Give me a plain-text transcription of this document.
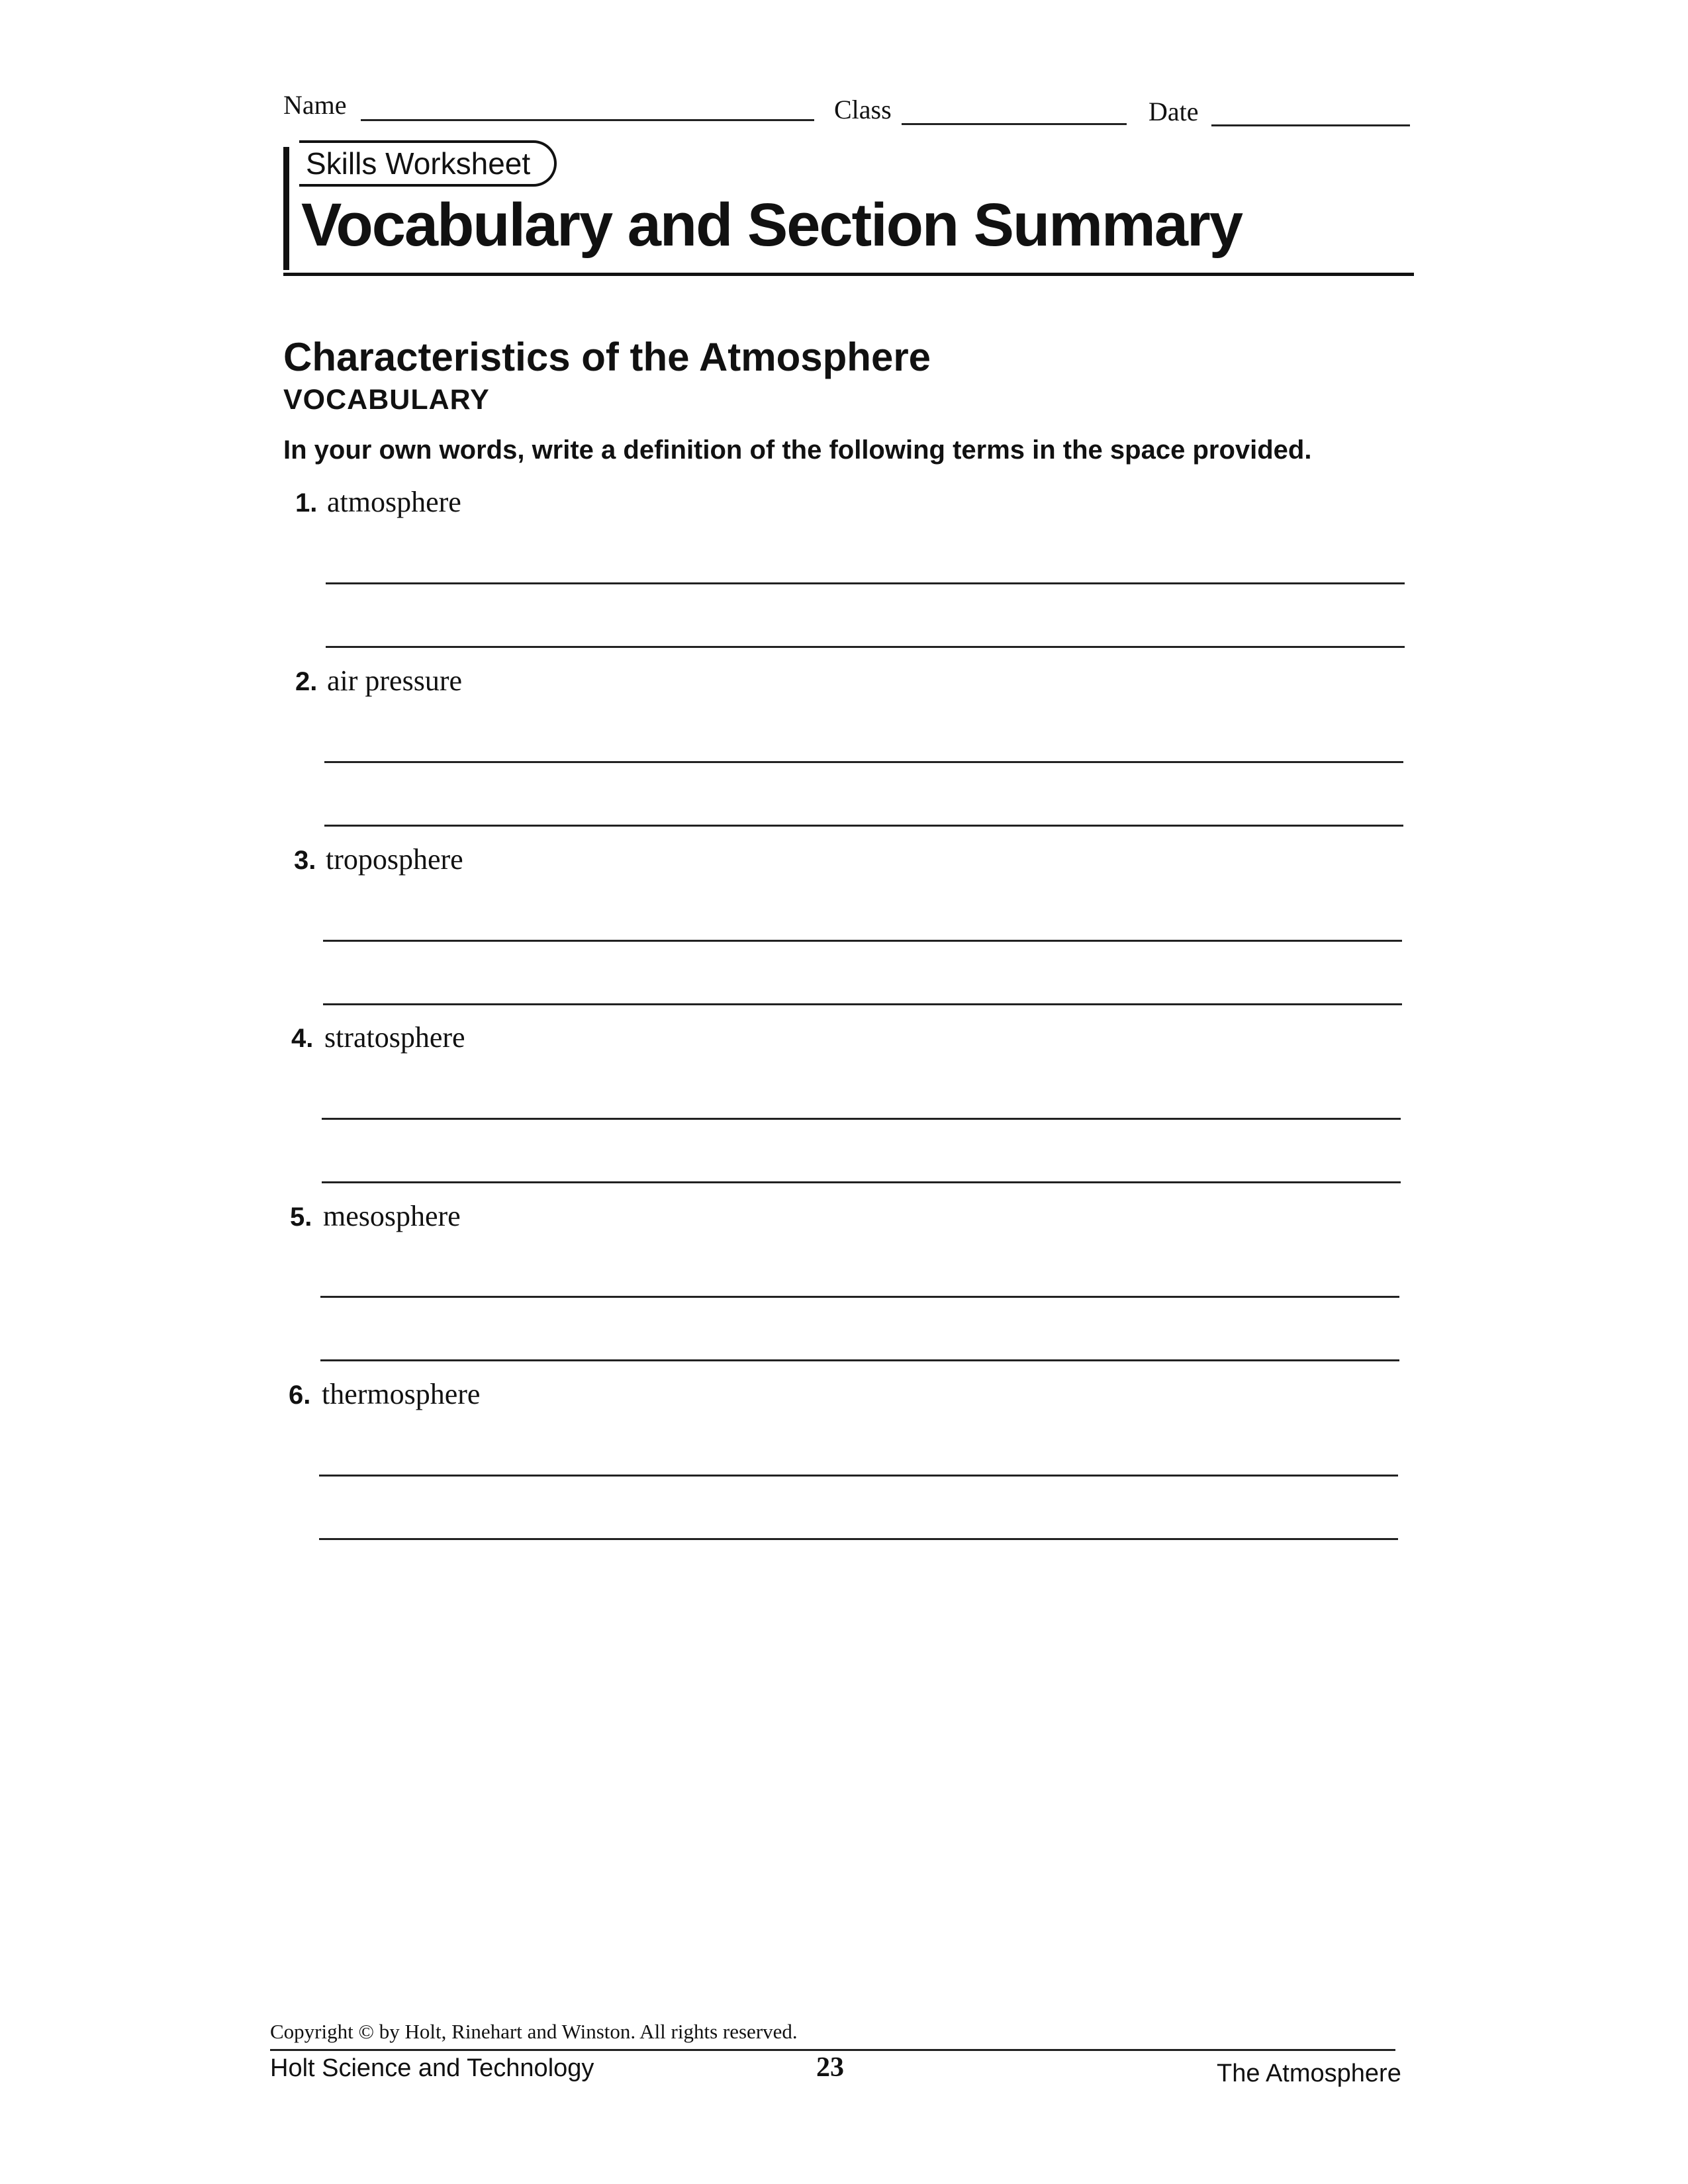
Name	Class	Date
Skills Worksheet
Vocabulary and Section Summary
Characteristics of the Atmosphere
VOCABULARY
In your own words, write a definition of the following terms in the space provided.
1. atmosphere
2. air pressure
3. troposphere
4. stratosphere
5. mesosphere
6. thermosphere
Copyright © by Holt, Rinehart and Winston. All rights reserved.
Holt Science and Technology	23	The Atmosphere
